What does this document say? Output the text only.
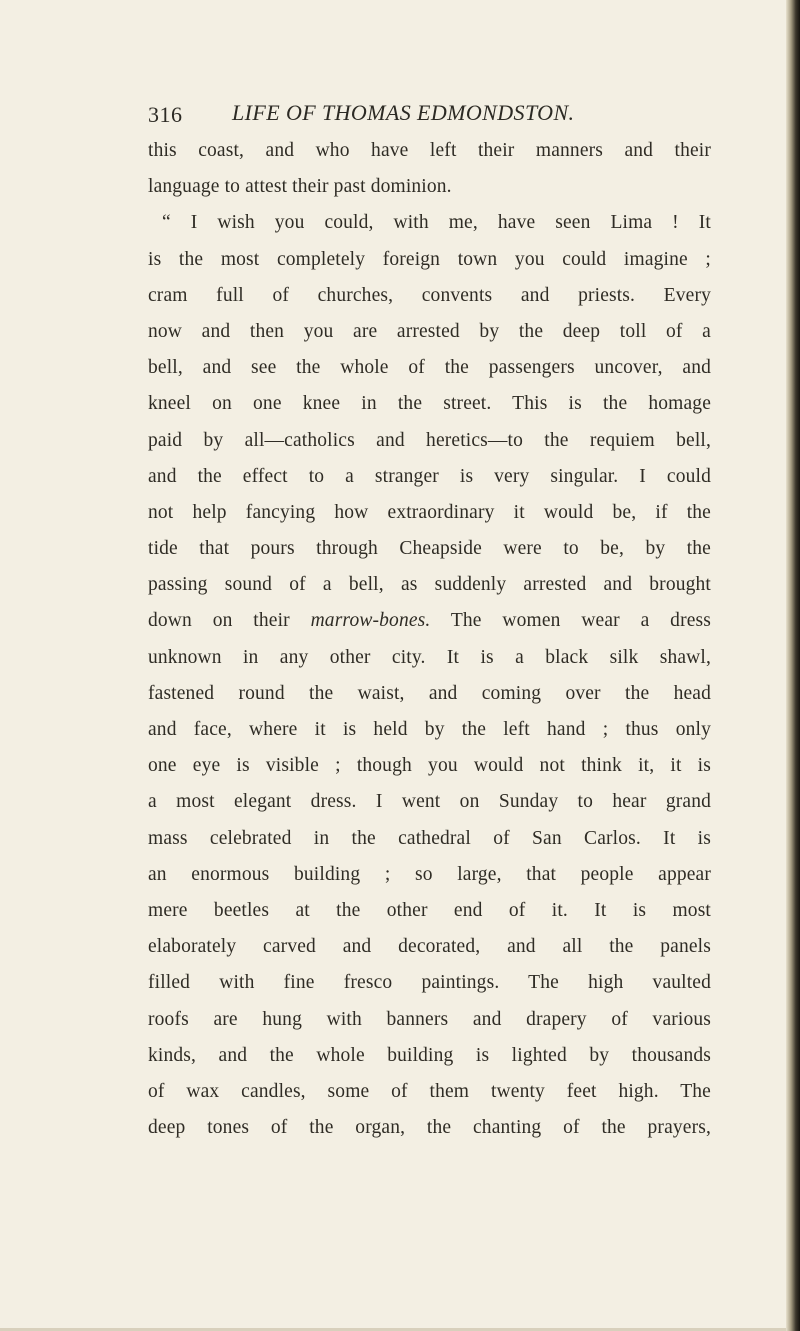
316 LIFE OF THOMAS EDMONDSTON.
this coast, and who have left their manners and their
language to attest their past dominion.
“ I wish you could, with me, have seen Lima ! It
is the most completely foreign town you could imagine ;
cram full of churches, convents and priests. Every
now and then you are arrested by the deep toll of a
bell, and see the whole of the passengers uncover, and
kneel on one knee in the street. This is the homage
paid by all—catholics and heretics—to the requiem bell,
and the effect to a stranger is very singular. I could
not help fancying how extraordinary it would be, if the
tide that pours through Cheapside were to be, by the
passing sound of a bell, as suddenly arrested and brought
down on their marrow-bones. The women wear a dress
unknown in any other city. It is a black silk shawl,
fastened round the waist, and coming over the head
and face, where it is held by the left hand ; thus only
one eye is visible ; though you would not think it, it is
a most elegant dress. I went on Sunday to hear grand
mass celebrated in the cathedral of San Carlos. It is
an enormous building ; so large, that people appear
mere beetles at the other end of it. It is most
elaborately carved and decorated, and all the panels
filled with fine fresco paintings. The high vaulted
roofs are hung with banners and drapery of various
kinds, and the whole building is lighted by thousands
of wax candles, some of them twenty feet high. The
deep tones of the organ, the chanting of the prayers,
